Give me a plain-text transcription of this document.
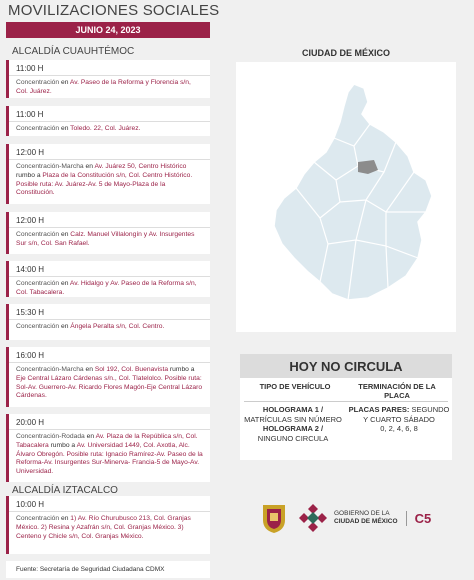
MOVILIZACIONES SOCIALES
JUNIO 24, 2023
ALCALDÍA CUAUHTÉMOC
11:00 H
Concentración en Av. Paseo de la Reforma y Florencia s/n, Col. Juárez.
11:00 H
Concentración en Toledo. 22, Col. Juárez.
12:00 H
Concentración-Marcha en Av. Juárez 50, Centro Histórico rumbo a Plaza de la Constitución s/n, Col. Centro Histórico. Posible ruta: Av. Juárez-Av. 5 de Mayo-Plaza de la Constitución.
12:00 H
Concentración en Calz. Manuel Villalongín y Av. Insurgentes Sur s/n, Col. San Rafael.
14:00 H
Concentración en Av. Hidalgo y Av. Paseo de la Reforma s/n, Col. Tabacalera.
15:30 H
Concentración en Ángela Peralta s/n, Col. Centro.
16:00 H
Concentración-Marcha en Sol 192, Col. Buenavista rumbo a Eje Central Lázaro Cárdenas s/n., Col. Tlatelolco. Posible ruta: Sol-Av. Guerrero-Av. Ricardo Flores Magón-Eje Central Lázaro Cárdenas.
20:00 H
Concentración-Rodada en Av. Plaza de la República s/n, Col. Tabacalera rumbo a Av. Universidad 1449, Col. Axotla, Alc. Álvaro Obregón. Posible ruta: Ignacio Ramírez-Av. Paseo de la Reforma-Av. Insurgentes Sur-Minerva- Francia-5 de Mayo-Av. Universidad.
ALCALDÍA IZTACALCO
10:00 H
Concentración en 1) Av. Río Churubusco 213, Col. Granjas México. 2) Resina y Azafrán s/n, Col. Granjas México. 3) Centeno y Chicle s/n, Col. Granjas México.
Fuente: Secretaría de Seguridad Ciudadana CDMX
CIUDAD DE MÉXICO
HOY NO CIRCULA
TIPO DE VEHÍCULO	TERMINACIÓN DE LA PLACA
HOLOGRAMA 1 /
MATRÍCULAS SIN NÚMERO
HOLOGRAMA 2 /
NINGUNO CIRCULA
PLACAS PARES: SEGUNDO Y CUARTO SÁBADO
0, 2, 4, 6, 8
GOBIERNO DE LA
CIUDAD DE MÉXICO	C5
